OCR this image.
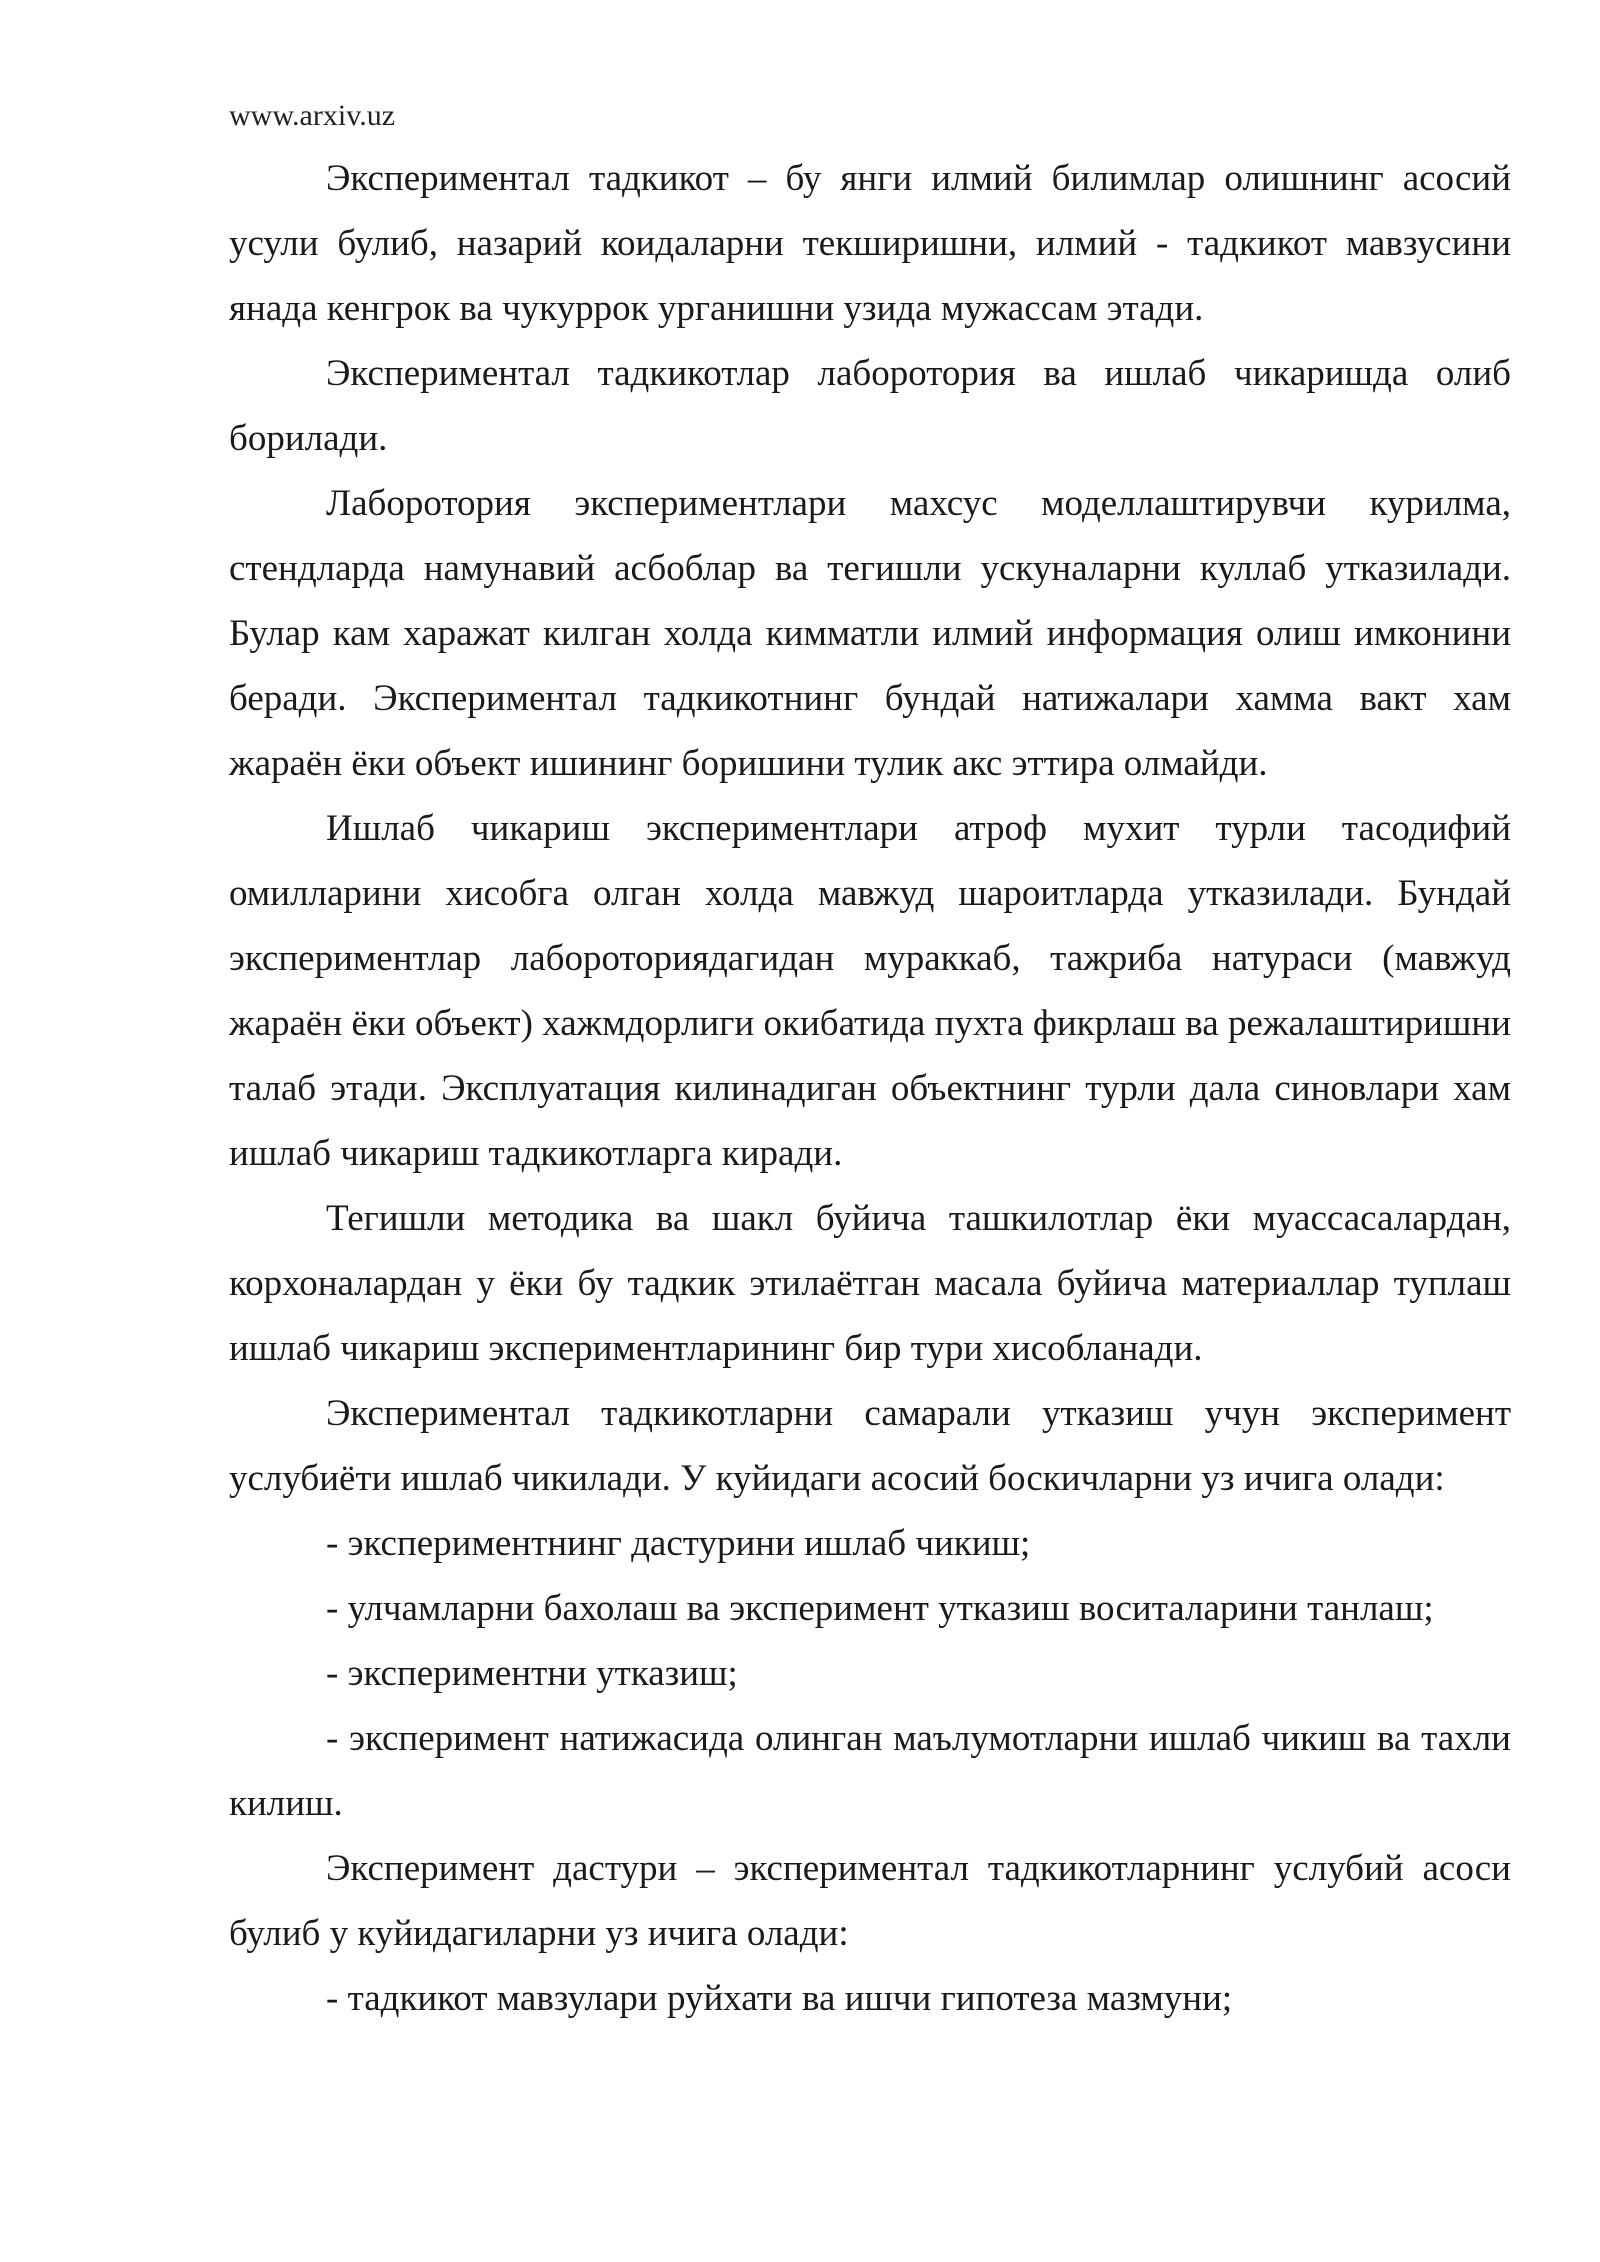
www.arxiv.uz

Экспериментал тадкикот – бу янги илмий билимлар олишнинг асосий усули булиб, назарий коидаларни текширишни, илмий - тадкикот мавзусини янада кенгрок ва чукуррок урганишни узида мужассам этади.

Экспериментал тадкикотлар лаборотория ва ишлаб чикаришда олиб борилади.

Лаборотория экспериментлари махсус моделлаштирувчи курилма, стендларда намунавий асбоблар ва тегишли ускуналарни куллаб утказилади. Булар кам харажат килган холда кимматли илмий информация олиш имконини беради. Экспериментал тадкикотнинг бундай натижалари хамма вакт хам жараён ёки объект ишининг боришини тулик акс эттира олмайди.

Ишлаб чикариш экспериментлари атроф мухит турли тасодифий омилларини хисобга олган холда мавжуд шароитларда утказилади. Бундай экспериментлар лабороториядагидан мураккаб, тажриба натураси (мавжуд жараён ёки объект) хажмдорлиги окибатида пухта фикрлаш ва режалаштиришни талаб этади. Эксплуатация килинадиган объектнинг турли дала синовлари хам ишлаб чикариш тадкикотларга киради.

Тегишли методика ва шакл буйича ташкилотлар ёки муассасалардан, корхоналардан у ёки бу тадкик этилаётган масала буйича материаллар туплаш ишлаб чикариш экспериментларининг бир тури хисобланади.

Экспериментал тадкикотларни самарали утказиш учун эксперимент услубиёти ишлаб чикилади. У куйидаги асосий боскичларни уз ичига олади:

- экспериментнинг дастурини ишлаб чикиш;

- улчамларни бахолаш ва эксперимент утказиш воситаларини танлаш;

- экспериментни утказиш;

- эксперимент натижасида олинган маълумотларни ишлаб чикиш ва тахли килиш.

Эксперимент дастури – экспериментал тадкикотларнинг услубий асоси булиб у куйидагиларни уз ичига олади:

- тадкикот мавзулари руйхати ва ишчи гипотеза мазмуни;
